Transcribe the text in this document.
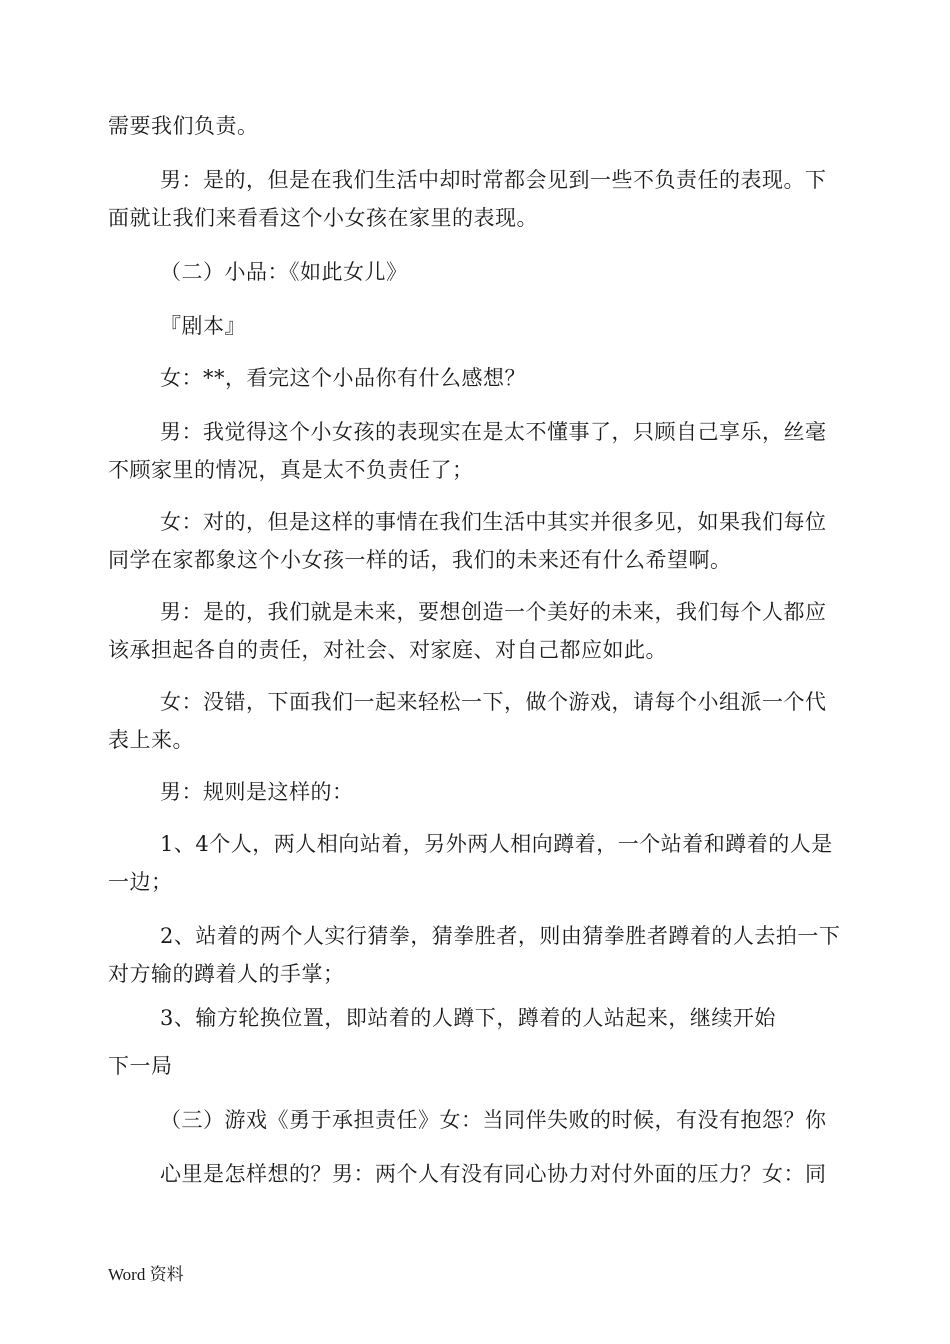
需要我们负责。
男：是的，但是在我们生活中却时常都会见到一些不负责任的表现。下
面就让我们来看看这个小女孩在家里的表现。
（二）小品：《如此女儿》
『剧本』
女：**，看完这个小品你有什么感想？
男：我觉得这个小女孩的表现实在是太不懂事了，只顾自己享乐，丝毫
不顾家里的情况，真是太不负责任了；
女：对的，但是这样的事情在我们生活中其实并很多见，如果我们每位
同学在家都象这个小女孩一样的话，我们的未来还有什么希望啊。
男：是的，我们就是未来，要想创造一个美好的未来，我们每个人都应
该承担起各自的责任，对社会、对家庭、对自己都应如此。
女：没错，下面我们一起来轻松一下，做个游戏，请每个小组派一个代
表上来。
男：规则是这样的：
1、4个人，两人相向站着，另外两人相向蹲着，一个站着和蹲着的人是
一边；
2、站着的两个人实行猜拳，猜拳胜者，则由猜拳胜者蹲着的人去拍一下
对方输的蹲着人的手掌；
3、输方轮换位置，即站着的人蹲下，蹲着的人站起来，继续开始
下一局
（三）游戏《勇于承担责任》女：当同伴失败的时候，有没有抱怨？你
心里是怎样想的？男：两个人有没有同心协力对付外面的压力？女：同
Word 资料
